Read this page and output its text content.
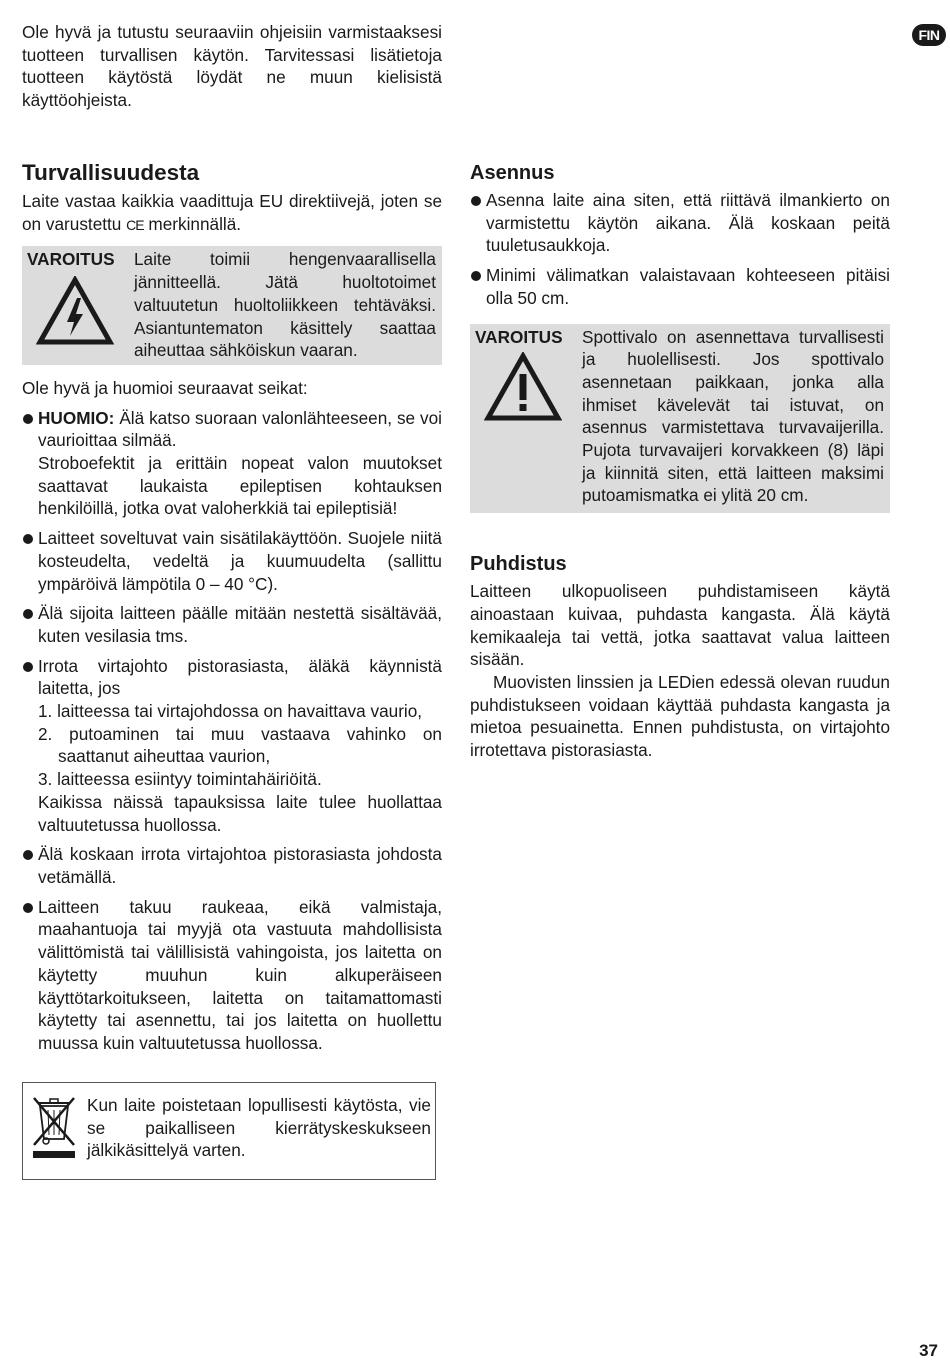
Ole hyvä ja tutustu seuraaviin ohjeisiin varmistaaksesi tuotteen turvallisen käytön. Tarvitessasi lisätietoja tuotteen käytöstä löydät ne muun kielisistä käyttöohjeista.

FIN
Turvallisuudesta

Laite vastaa kaikkia vaadittuja EU direktiivejä, joten se on varustettu CE merkinnällä.

VAROITUS Laite toimii hengenvaarallisella jännitteellä. Jätä huoltotoimet valtuutetun huoltoliikkeen tehtäväksi. Asiantuntematon käsittely saattaa aiheuttaa sähköiskun vaaran.

Ole hyvä ja huomioi seuraavat seikat:

HUOMIO: Älä katso suoraan valonlähteeseen, se voi vaurioittaa silmää.

Stroboefektit ja erittäin nopeat valon muutokset saattavat laukaista epileptisen kohtauksen henkilöillä, jotka ovat valoherkkiä tai epileptisiä!

Laitteet soveltuvat vain sisätilakäyttöön. Suojele niitä kosteudelta, vedeltä ja kuumuudelta (sallittu ympäröivä lämpötila 0 – 40 °C).

Älä sijoita laitteen päälle mitään nestettä sisältävää, kuten vesilasia tms.

Irrota virtajohto pistorasiasta, äläkä käynnistä laitetta, jos

1. laitteessa tai virtajohdossa on havaittava vaurio,

2. putoaminen tai muu vastaava vahinko on saattanut aiheuttaa vaurion,

3. laitteessa esiintyy toimintahäiriöitä.

Kaikissa näissä tapauksissa laite tulee huollattaa valtuutetussa huollossa.

Älä koskaan irrota virtajohtoa pistorasiasta johdosta vetämällä.

Laitteen takuu raukeaa, eikä valmistaja, maahantuoja tai myyjä ota vastuuta mahdollisista välittömistä tai välillisistä vahingoista, jos laitetta on käytetty muuhun kuin alkuperäiseen käyttötarkoitukseen, laitetta on taitamattomasti käytetty tai asennettu, tai jos laitetta on huollettu muussa kuin valtuutetussa huollossa.

Kun laite poistetaan lopullisesti käytösta, vie se paikalliseen kierrätyskeskukseen jälkikäsittelyä varten.

Asennus

Asenna laite aina siten, että riittävä ilmankierto on varmistettu käytön aikana. Älä koskaan peitä tuuletusaukkoja.

Minimi välimatkan valaistavaan kohteeseen pitäisi olla 50 cm.

VAROITUS Spottivalo on asennettava turvallisesti ja huolellisesti. Jos spottivalo asennetaan paikkaan, jonka alla ihmiset kävelevät tai istuvat, on asennus varmistettava turvavaijerilla. Pujota turvavaijeri korvakkeen (8) läpi ja kiinnitä siten, että laitteen maksimi putoamismatka ei ylitä 20 cm.

Puhdistus

Laitteen ulkopuoliseen puhdistamiseen käytä ainoastaan kuivaa, puhdasta kangasta. Älä käytä kemikaaleja tai vettä, jotka saattavat valua laitteen sisään.

Muovisten linssien ja LEDien edessä olevan ruudun puhdistukseen voidaan käyttää puhdasta kangasta ja mietoa pesuainetta. Ennen puhdistusta, on virtajohto irrotettava pistorasiasta.

37
